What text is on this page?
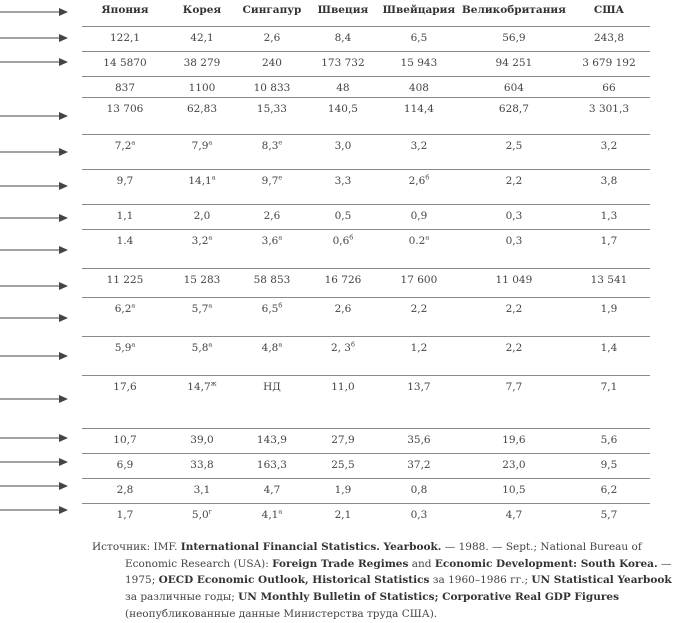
Япония	Корея	Сингапур	Швеция	Швейцария	Великобритания	США
122,1	42,1	2,6	8,4	6,5	56,9	243,8
14 5870	38 279	240	173 732	15 943	94 251	3 679 192
837	1100	10 833	48	408	604	66
13 706	62,83	15,33	140,5	114,4	628,7	3 301,3
$7,2^а$	$7,9^а$	$8,3^е$	3,0	3,2	2,5	3,2
9,7	$14,1^а$	$9,7^е$	3,3	$2,6^б$	2,2	3,8
1,1	2,0	2,6	0,5	0,9	0,3	1,3
1.4	$3,2^а$	$3,6^а$	$0,6^б$	$0.2^а$	0,3	1,7
11 225	15 283	58 853	16 726	17 600	11 049	13 541
$6,2^а$	$5,7^а$	$6,5^б$	2,6	2,2	2,2	1,9
$5,9^а$	$5,8^а$	$4,8^а$	2, $3^б$	1,2	2,2	1,4
17,6	$14,7^ж$	НД	11,0	13,7	7,7	7,1
10,7	39,0	143,9	27,9	35,6	19,6	5,6
6,9	33,8	163,3	25,5	37,2	23,0	9,5
2,8	3,1	4,7	1,9	0,8	10,5	6,2
1,7	$5,0^г$	$4,1^а$	2,1	0,3	4,7	5,7
Источник: IMF. International Financial Statistics. Yearbook. — 1988. — Sept.; National Bureau of Economic Research (USA): Foreign Trade Regimes and Economic Development: South Korea. — 1975; OECD Economic Outlook, Historical Statistics за 1960–1986 гг.; UN Statistical Yearbook за различные годы; UN Monthly Bulletin of Statistics; Corporative Real GDP Figures (неопубликованные данные Министерства труда США).
